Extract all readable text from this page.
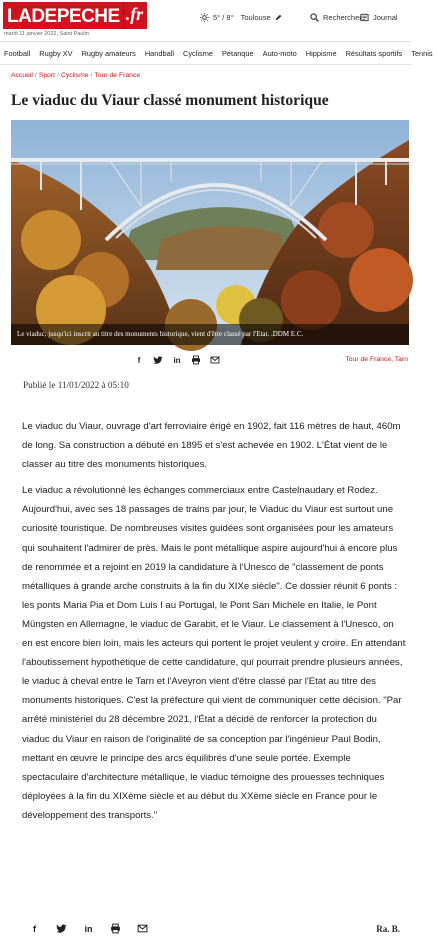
LADEPECHE .fr
mardi 11 janvier 2022, Saint Paulin
5° / 8° Toulouse	Rechercher Journal
Football	Rugby XV	Rugby amateurs	Handball	Cyclisme	Pétanque	Auto-moto	Hippisme	Résultats sportifs	Tennis
Accueil / Sport / Cyclisme / Tour de France
Le viaduc du Viaur classé monument historique
Le viaduc, jusqu'ici inscrit au titre des monuments historique, vient d'être classé par l'Etat. .DDM E.C.
f	in	Tour de France, Tarn
Publié le 11/01/2022 à 05:10

Le viaduc du Viaur, ouvrage d'art ferroviaire érigé en 1902, fait 116 mètres de haut, 460m de long. Sa construction a débuté en 1895 et s'est achevée en 1902. L'État vient de le classer au titre des monuments historiques.

Le viaduc a révolutionné les échanges commerciaux entre Castelnaudary et Rodez. Aujourd'hui, avec ses 18 passages de trains par jour, le Viaduc du Viaur est surtout une curiosité touristique. De nombreuses visites guidées sont organisées pour les amateurs qui souhaitent l'admirer de près. Mais le pont métallique aspire aujourd'hui à encore plus de renommée et a rejoint en 2019 la candidature à l'Unesco de "classement de ponts métalliques à grande arche construits à la fin du XIXe siècle". Ce dossier réunit 6 ponts : les ponts Maria Pia et Dom Luis I au Portugal, le Pont San Michele en Italie, le Pont Müngsten en Allemagne, le viaduc de Garabit, et le Viaur. Le classement à l'Unesco, on en est encore bien loin, mais les acteurs qui portent le projet veulent y croire. En attendant l'aboutissement hypothétique de cette candidature, qui pourrait prendre plusieurs années, le viaduc à cheval entre le Tarn et l'Aveyron vient d'être classé par l'Etat au titre des monuments historiques. C'est la préfecture qui vient de communiquer cette décision. "Par arrêté ministériel du 28 décembre 2021, l'État a décidé de renforcer la protection du viaduc du Viaur en raison de l'originalité de sa conception par l'ingénieur Paul Bodin, mettant en œuvre le principe des arcs équilibrés d'une seule portée. Exemple spectaculaire d'architecture métallique, le viaduc témoigne des prouesses techniques déployées à la fin du XIXème siècle et au début du XXème siècle en France pour le développement des transports."

f	in	Ra. B.
